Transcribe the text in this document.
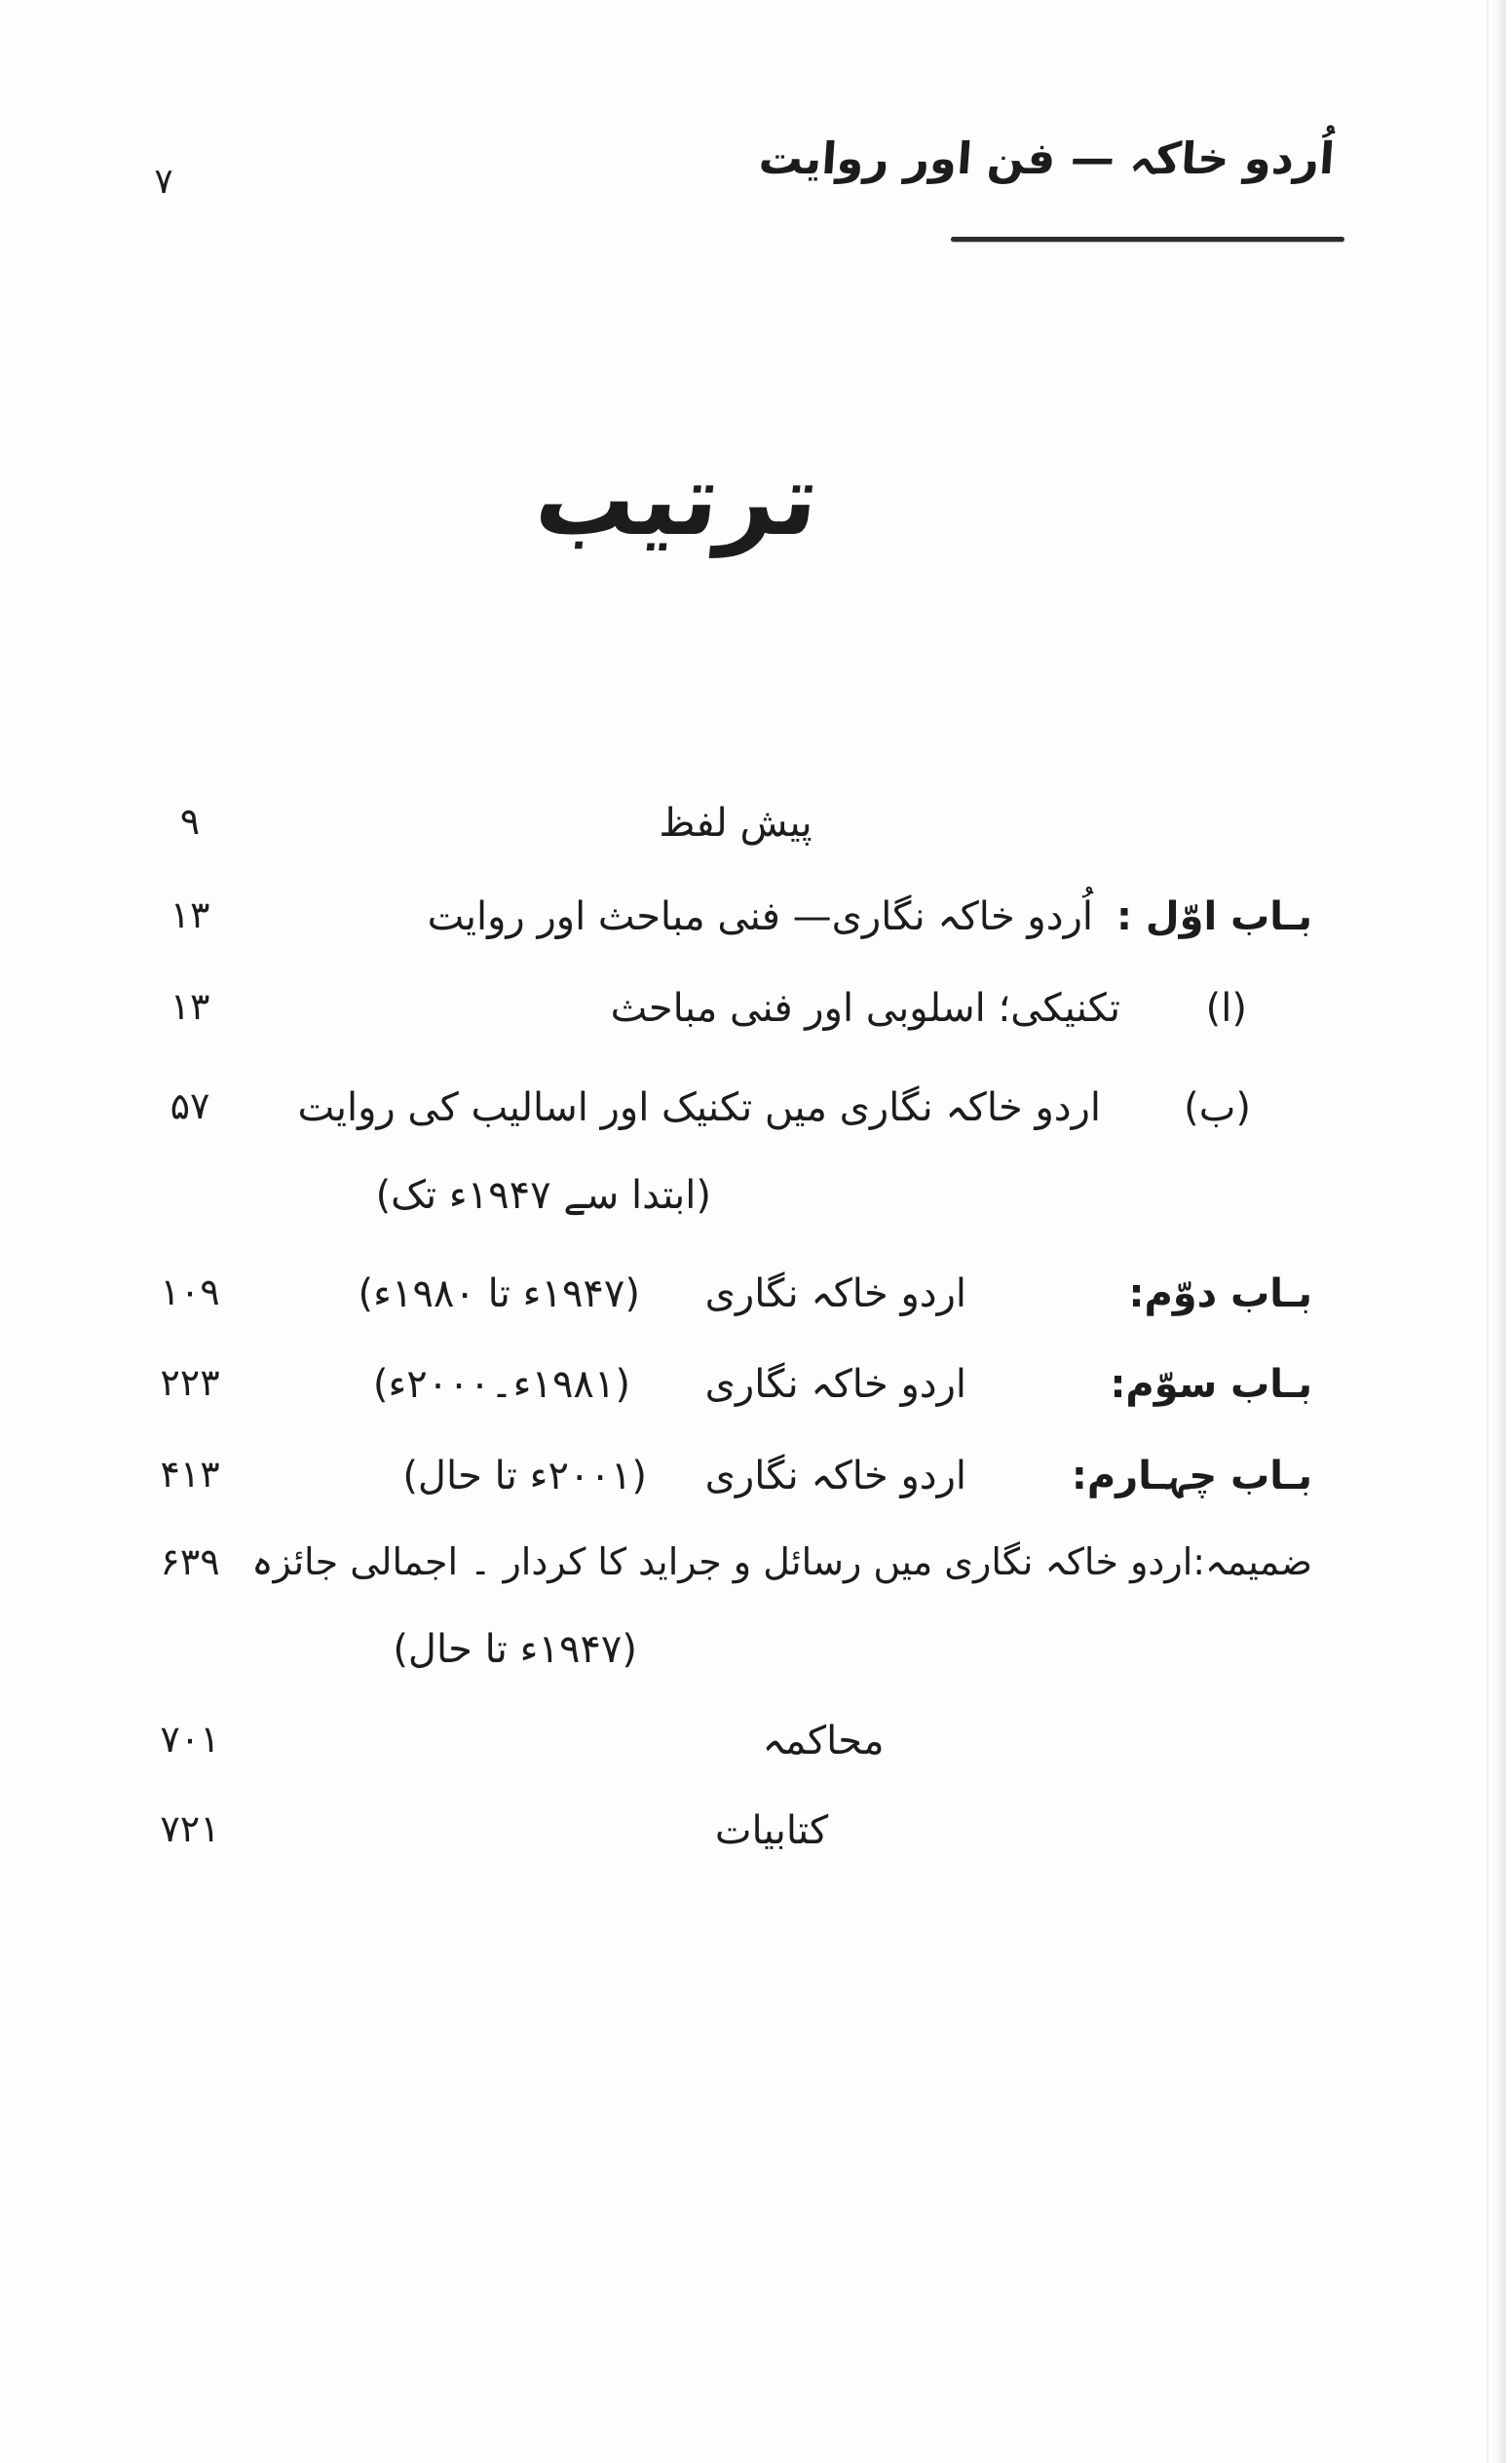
اُردو خاکہ — فن اور روایت
۷
ترتیب
پیش لفظ
۹
بـاب اوّل :
اُردو خاکہ نگاری— فنی مباحث اور روایت
۱۳
(ا)
تکنیکی؛ اسلوبی اور فنی مباحث
۱۳
(ب)
اردو خاکہ نگاری میں تکنیک اور اسالیب کی روایت
۵۷
(ابتدا سے ۱۹۴۷ء تک)
بـاب دوّم:
اردو خاکہ نگاری
(۱۹۴۷ء تا ۱۹۸۰ء)
۱۰۹
بـاب سوّم:
اردو خاکہ نگاری
(۱۹۸۱ء۔۲۰۰۰ء)
۲۲۳
بـاب چہـارم:
اردو خاکہ نگاری
(۲۰۰۱ء تا حال)
۴۱۳
ضمیمہ:اردو خاکہ نگاری میں رسائل و جراید کا کردار ۔ اجمالی جائزہ
۶۳۹
(۱۹۴۷ء تا حال)
محاکمہ
۷۰۱
کتابیات
۷۲۱
